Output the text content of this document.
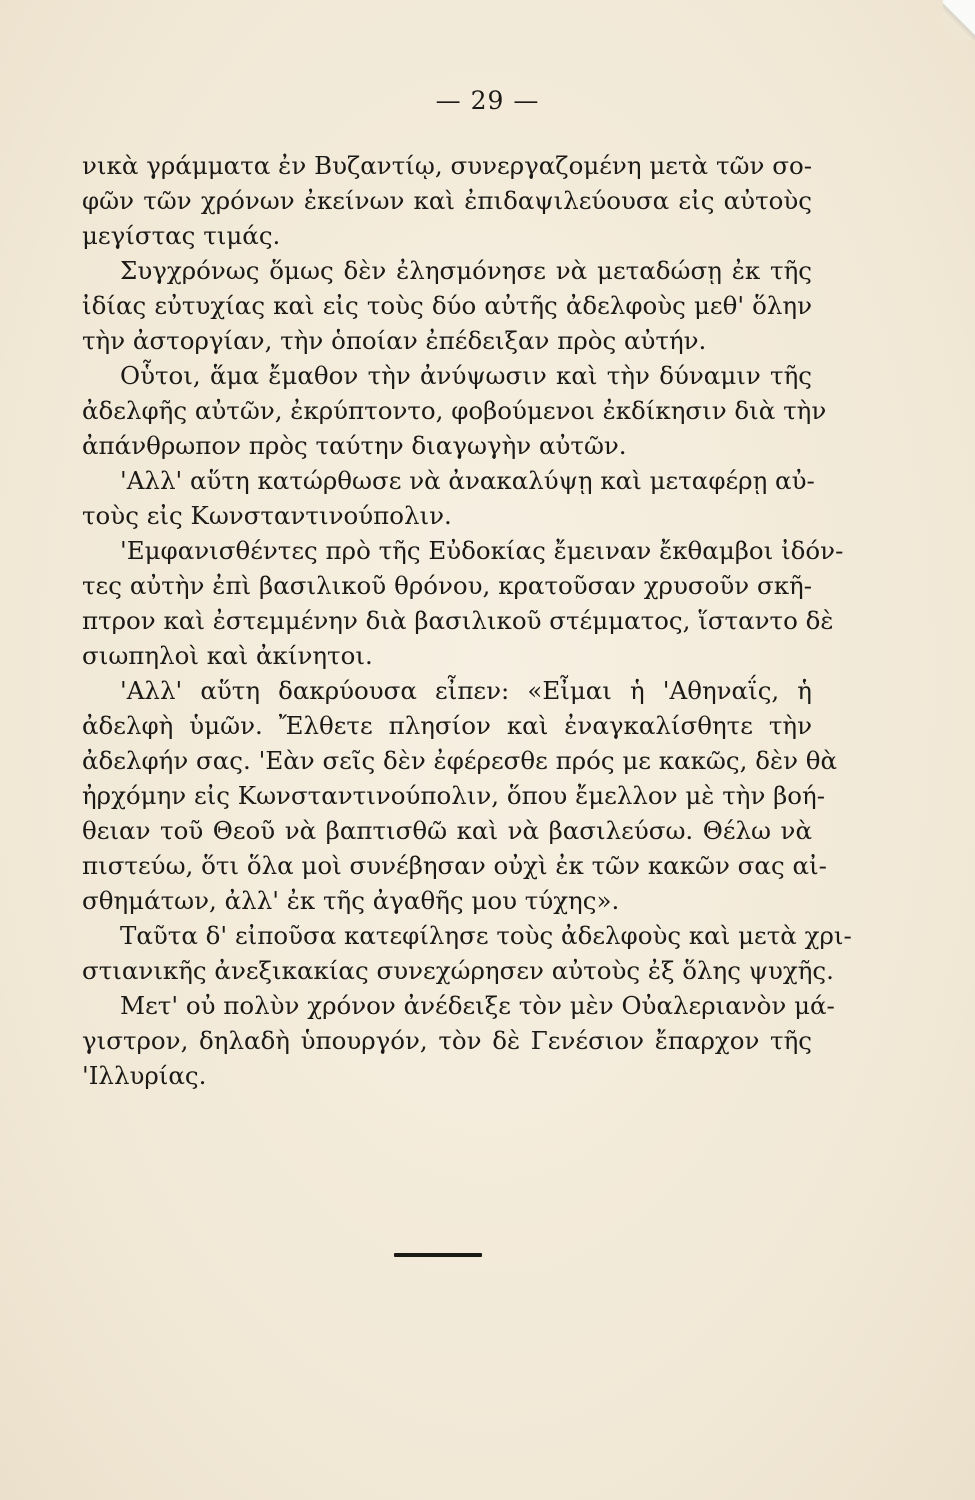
— 29 —
νικὰ γράμματα ἐν Βυζαντίῳ, συνεργαζομένη μετὰ τῶν σο-
φῶν τῶν χρόνων ἐκείνων καὶ ἐπιδαψιλεύουσα εἰς αὐτοὺς
μεγίστας τιμάς.
Συγχρόνως ὅμως δὲν ἐλησμόνησε νὰ μεταδώσῃ ἐκ τῆς
ἰδίας εὐτυχίας καὶ εἰς τοὺς δύο αὐτῆς ἀδελφοὺς μεθ' ὅλην
τὴν ἀστοργίαν, τὴν ὁποίαν ἐπέδειξαν πρὸς αὐτήν.
Οὗτοι, ἅμα ἔμαθον τὴν ἀνύψωσιν καὶ τὴν δύναμιν τῆς
ἀδελφῆς αὐτῶν, ἐκρύπτοντο, φοβούμενοι ἐκδίκησιν διὰ τὴν
ἀπάνθρωπον πρὸς ταύτην διαγωγὴν αὐτῶν.
'Αλλ' αὕτη κατώρθωσε νὰ ἀνακαλύψῃ καὶ μεταφέρῃ αὐ-
τοὺς εἰς Κωνσταντινούπολιν.
'Εμφανισθέντες πρὸ τῆς Εὐδοκίας ἔμειναν ἔκθαμβοι ἰδόν-
τες αὐτὴν ἐπὶ βασιλικοῦ θρόνου, κρατοῦσαν χρυσοῦν σκῆ-
πτρον καὶ ἐστεμμένην διὰ βασιλικοῦ στέμματος, ἵσταντο δὲ
σιωπηλοὶ καὶ ἀκίνητοι.
'Αλλ' αὕτη δακρύουσα εἶπεν: «Εἶμαι ἡ 'Αθηναΐς, ἡ
ἀδελφὴ ὑμῶν. Ἔλθετε πλησίον καὶ ἐναγκαλίσθητε τὴν
ἀδελφήν σας. 'Εὰν σεῖς δὲν ἐφέρεσθε πρός με κακῶς, δὲν θὰ
ἠρχόμην εἰς Κωνσταντινούπολιν, ὅπου ἔμελλον μὲ τὴν βοή-
θειαν τοῦ Θεοῦ νὰ βαπτισθῶ καὶ νὰ βασιλεύσω. Θέλω νὰ
πιστεύω, ὅτι ὅλα μοὶ συνέβησαν οὐχὶ ἐκ τῶν κακῶν σας αἰ-
σθημάτων, ἀλλ' ἐκ τῆς ἀγαθῆς μου τύχης».
Ταῦτα δ' εἰποῦσα κατεφίλησε τοὺς ἀδελφοὺς καὶ μετὰ χρι-
στιανικῆς ἀνεξικακίας συνεχώρησεν αὐτοὺς ἐξ ὅλης ψυχῆς.
Μετ' οὐ πολὺν χρόνον ἀνέδειξε τὸν μὲν Οὐαλεριανὸν μά-
γιστρον, δηλαδὴ ὑπουργόν, τὸν δὲ Γενέσιον ἔπαρχον τῆς
'Ιλλυρίας.
